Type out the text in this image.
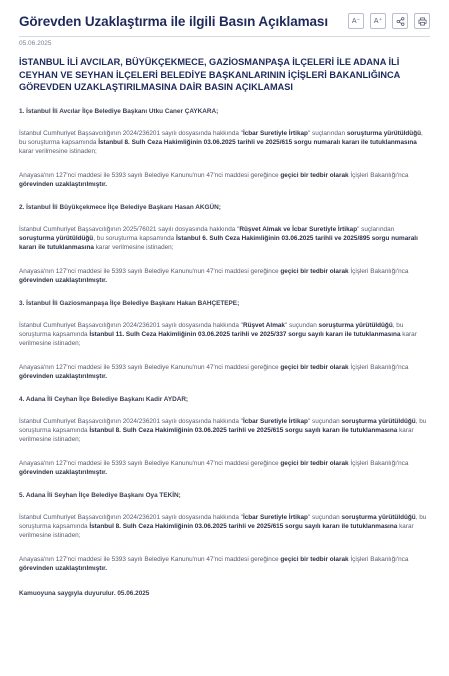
Görevden Uzaklaştırma ile ilgili Basın Açıklaması	A⁻ A⁺
05.06.2025
İSTANBUL İLİ AVCILAR, BÜYÜKÇEKMECE, GAZİOSMANPAŞA İLÇELERİ İLE ADANA İLİ CEYHAN VE SEYHAN İLÇELERİ BELEDİYE BAŞKANLARININ İÇİŞLERİ BAKANLIĞINCA GÖREVDEN UZAKLAŞTIRILMASINA DAİR BASIN AÇIKLAMASI
1. İstanbul İli Avcılar İlçe Belediye Başkanı Utku Caner ÇAYKARA;
İstanbul Cumhuriyet Başsavcılığının 2024/236201 sayılı dosyasında hakkında "İcbar Suretiyle İrtikap" suçlarından soruşturma yürütüldüğü, bu soruşturma kapsamında İstanbul 8. Sulh Ceza Hakimliğinin 03.06.2025 tarihli ve 2025/615 sorgu numaralı kararı ile tutuklanmasına karar verilmesine istinaden;
Anayasa'nın 127'nci maddesi ile 5393 sayılı Belediye Kanunu'nun 47'nci maddesi gereğince geçici bir tedbir olarak İçişleri Bakanlığı'nca görevinden uzaklaştırılmıştır.
2. İstanbul İli Büyükçekmece İlçe Belediye Başkanı Hasan AKGÜN;
İstanbul Cumhuriyet Başsavcılığının 2025/76021 sayılı dosyasında hakkında "Rüşvet Almak ve İcbar Suretiyle İrtikap" suçlarından soruşturma yürütüldüğü, bu soruşturma kapsamında İstanbul 6. Sulh Ceza Hakimliğinin 03.06.2025 tarihli ve 2025/895 sorgu numaralı kararı ile tutuklanmasına karar verilmesine istinaden;
Anayasa'nın 127'nci maddesi ile 5393 sayılı Belediye Kanunu'nun 47'nci maddesi gereğince geçici bir tedbir olarak İçişleri Bakanlığı'nca görevinden uzaklaştırılmıştır.
3. İstanbul İli Gaziosmanpaşa İlçe Belediye Başkanı Hakan BAHÇETEPE;
İstanbul Cumhuriyet Başsavcılığının 2024/236201 sayılı dosyasında hakkında "Rüşvet Almak" suçundan soruşturma yürütüldüğü, bu soruşturma kapsamında İstanbul 11. Sulh Ceza Hakimliğinin 03.06.2025 tarihli ve 2025/337 sorgu sayılı kararı ile tutuklanmasına karar verilmesine istinaden;
Anayasa'nın 127'nci maddesi ile 5393 sayılı Belediye Kanunu'nun 47'nci maddesi gereğince geçici bir tedbir olarak İçişleri Bakanlığı'nca görevinden uzaklaştırılmıştır.
4. Adana İli Ceyhan İlçe Belediye Başkanı Kadir AYDAR;
İstanbul Cumhuriyet Başsavcılığının 2024/236201 sayılı dosyasında hakkında "İcbar Suretiyle İrtikap" suçundan soruşturma yürütüldüğü, bu soruşturma kapsamında İstanbul 8. Sulh Ceza Hakimliğinin 03.06.2025 tarihli ve 2025/615 sorgu sayılı kararı ile tutuklanmasına karar verilmesine istinaden;
Anayasa'nın 127'nci maddesi ile 5393 sayılı Belediye Kanunu'nun 47'nci maddesi gereğince geçici bir tedbir olarak İçişleri Bakanlığı'nca görevinden uzaklaştırılmıştır.
5. Adana İli Seyhan İlçe Belediye Başkanı Oya TEKİN;
İstanbul Cumhuriyet Başsavcılığının 2024/236201 sayılı dosyasında hakkında "İcbar Suretiyle İrtikap" suçundan soruşturma yürütüldüğü, bu soruşturma kapsamında İstanbul 8. Sulh Ceza Hakimliğinin 03.06.2025 tarihli ve 2025/615 sorgu sayılı kararı ile tutuklanmasına karar verilmesine istinaden;
Anayasa'nın 127'nci maddesi ile 5393 sayılı Belediye Kanunu'nun 47'nci maddesi gereğince geçici bir tedbir olarak İçişleri Bakanlığı'nca görevinden uzaklaştırılmıştır.
Kamuoyuna saygıyla duyurulur. 05.06.2025
